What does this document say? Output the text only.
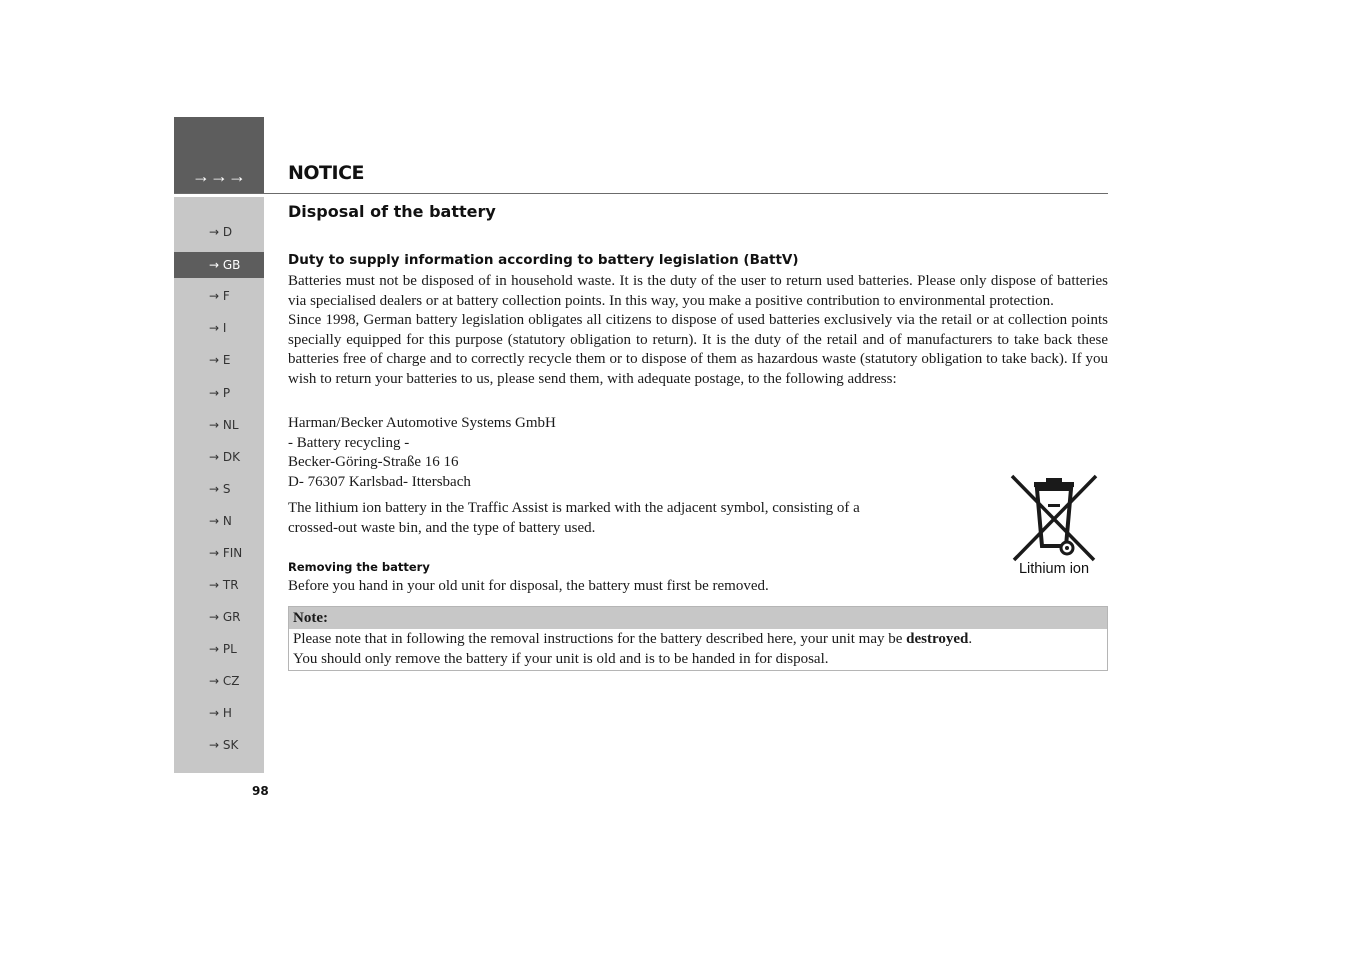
→→→	NOTICE
→ D
→ GB
→ F
→ I
→ E
→ P
→ NL
→ DK
→ S
→ N
→ FIN
→ TR
→ GR
→ PL
→ CZ
→ H
→ SK
98
Disposal of the battery
Duty to supply information according to battery legislation (BattV)

Batteries must not be disposed of in household waste. It is the duty of the user to return used batteries. Please only dispose of batteries via specialised dealers or at battery collection points. In this way, you make a positive contribution to environmental protection.

Since 1998, German battery legislation obligates all citizens to dispose of used batteries exclusively via the retail or at collection points specially equipped for this purpose (statutory obligation to return). It is the duty of the retail and of manufacturers to take back these batteries free of charge and to correctly recycle them or to dispose of them as hazardous waste (statutory obligation to take back). If you wish to return your batteries to us, please send them, with adequate postage, to the following address:

Harman/Becker Automotive Systems GmbH
- Battery recycling -
Becker-Göring-Straße 16 16
D- 76307 Karlsbad- Ittersbach
The lithium ion battery in the Traffic Assist is marked with the adjacent symbol, consisting of a crossed-out waste bin, and the type of battery used.
Lithium ion
Removing the battery
Before you hand in your old unit for disposal, the battery must first be removed.
Note:
Please note that in following the removal instructions for the battery described here, your unit may be destroyed.
You should only remove the battery if your unit is old and is to be handed in for disposal.
